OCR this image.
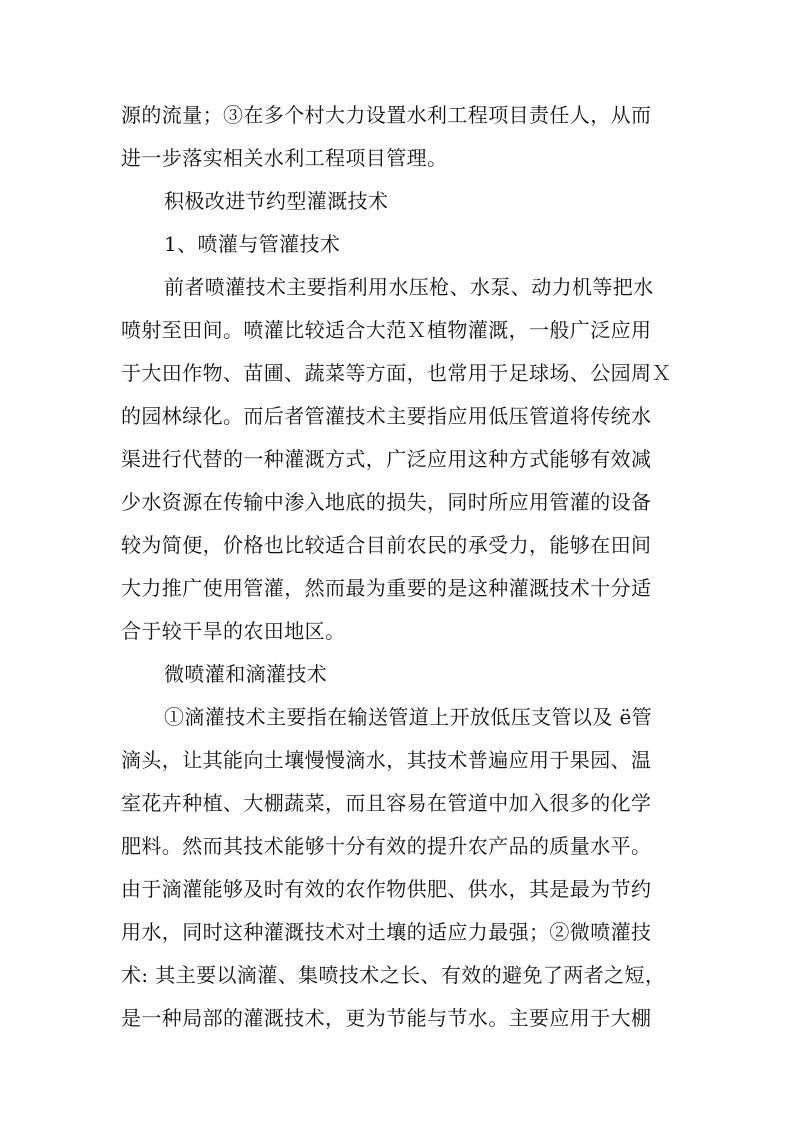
源的流量；③在多个村大力设置水利工程项目责任人，从而
进一步落实相关水利工程项目管理。
积极改进节约型灌溉技术
1、喷灌与管灌技术
前者喷灌技术主要指利用水压枪、水泵、动力机等把水
喷射至田间。喷灌比较适合大范Ｘ植物灌溉，一般广泛应用
于大田作物、苗圃、蔬菜等方面，也常用于足球场、公园周Ｘ
的园林绿化。而后者管灌技术主要指应用低压管道将传统水
渠进行代替的一种灌溉方式，广泛应用这种方式能够有效减
少水资源在传输中渗入地底的损失，同时所应用管灌的设备
较为简便，价格也比较适合目前农民的承受力，能够在田间
大力推广使用管灌，然而最为重要的是这种灌溉技术十分适
合于较干旱的农田地区。
微喷灌和滴灌技术
①滴灌技术主要指在输送管道上开放低压支管以及 ë管
滴头，让其能向土壤慢慢滴水，其技术普遍应用于果园、温
室花卉种植、大棚蔬菜，而且容易在管道中加入很多的化学
肥料。然而其技术能够十分有效的提升农产品的质量水平。
由于滴灌能够及时有效的农作物供肥、供水，其是最为节约
用水，同时这种灌溉技术对土壤的适应力最强；②微喷灌技
术: 其主要以滴灌、集喷技术之长、有效的避免了两者之短，
是一种局部的灌溉技术，更为节能与节水。主要应用于大棚
